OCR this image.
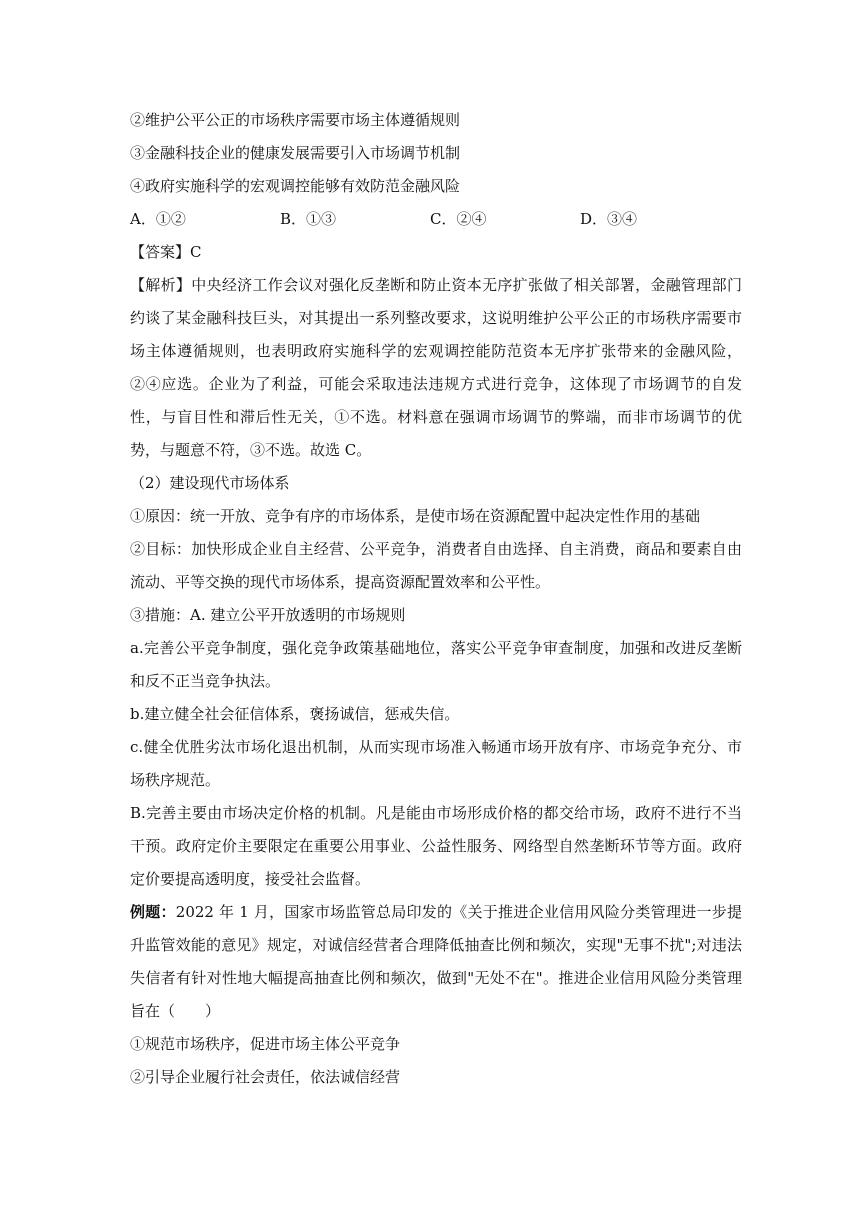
②维护公平公正的市场秩序需要市场主体遵循规则
③金融科技企业的健康发展需要引入市场调节机制
④政府实施科学的宏观调控能够有效防范金融风险
A．①②	B．①③	C．②④	D．③④
【答案】C
【解析】中央经济工作会议对强化反垄断和防止资本无序扩张做了相关部署，金融管理部门约谈了某金融科技巨头，对其提出一系列整改要求，这说明维护公平公正的市场秩序需要市场主体遵循规则，也表明政府实施科学的宏观调控能防范资本无序扩张带来的金融风险，②④应选。企业为了利益，可能会采取违法违规方式进行竞争，这体现了市场调节的自发性，与盲目性和滞后性无关，①不选。材料意在强调市场调节的弊端，而非市场调节的优势，与题意不符，③不选。故选 C。
（2）建设现代市场体系
①原因：统一开放、竞争有序的市场体系，是使市场在资源配置中起决定性作用的基础
②目标：加快形成企业自主经营、公平竞争，消费者自由选择、自主消费，商品和要素自由流动、平等交换的现代市场体系，提高资源配置效率和公平性。
③措施：A. 建立公平开放透明的市场规则
a.完善公平竞争制度，强化竞争政策基础地位，落实公平竞争审查制度，加强和改进反垄断和反不正当竞争执法。
b.建立健全社会征信体系，褒扬诚信，惩戒失信。
c.健全优胜劣汰市场化退出机制，从而实现市场准入畅通市场开放有序、市场竞争充分、市场秩序规范。
B.完善主要由市场决定价格的机制。凡是能由市场形成价格的都交给市场，政府不进行不当干预。政府定价主要限定在重要公用事业、公益性服务、网络型自然垄断环节等方面。政府定价要提高透明度，接受社会监督。
例题：2022 年 1 月，国家市场监管总局印发的《关于推进企业信用风险分类管理进一步提升监管效能的意见》规定，对诚信经营者合理降低抽查比例和频次，实现"无事不扰";对违法失信者有针对性地大幅提高抽查比例和频次，做到"无处不在"。推进企业信用风险分类管理旨在（　　）
①规范市场秩序，促进市场主体公平竞争
②引导企业履行社会责任，依法诚信经营
